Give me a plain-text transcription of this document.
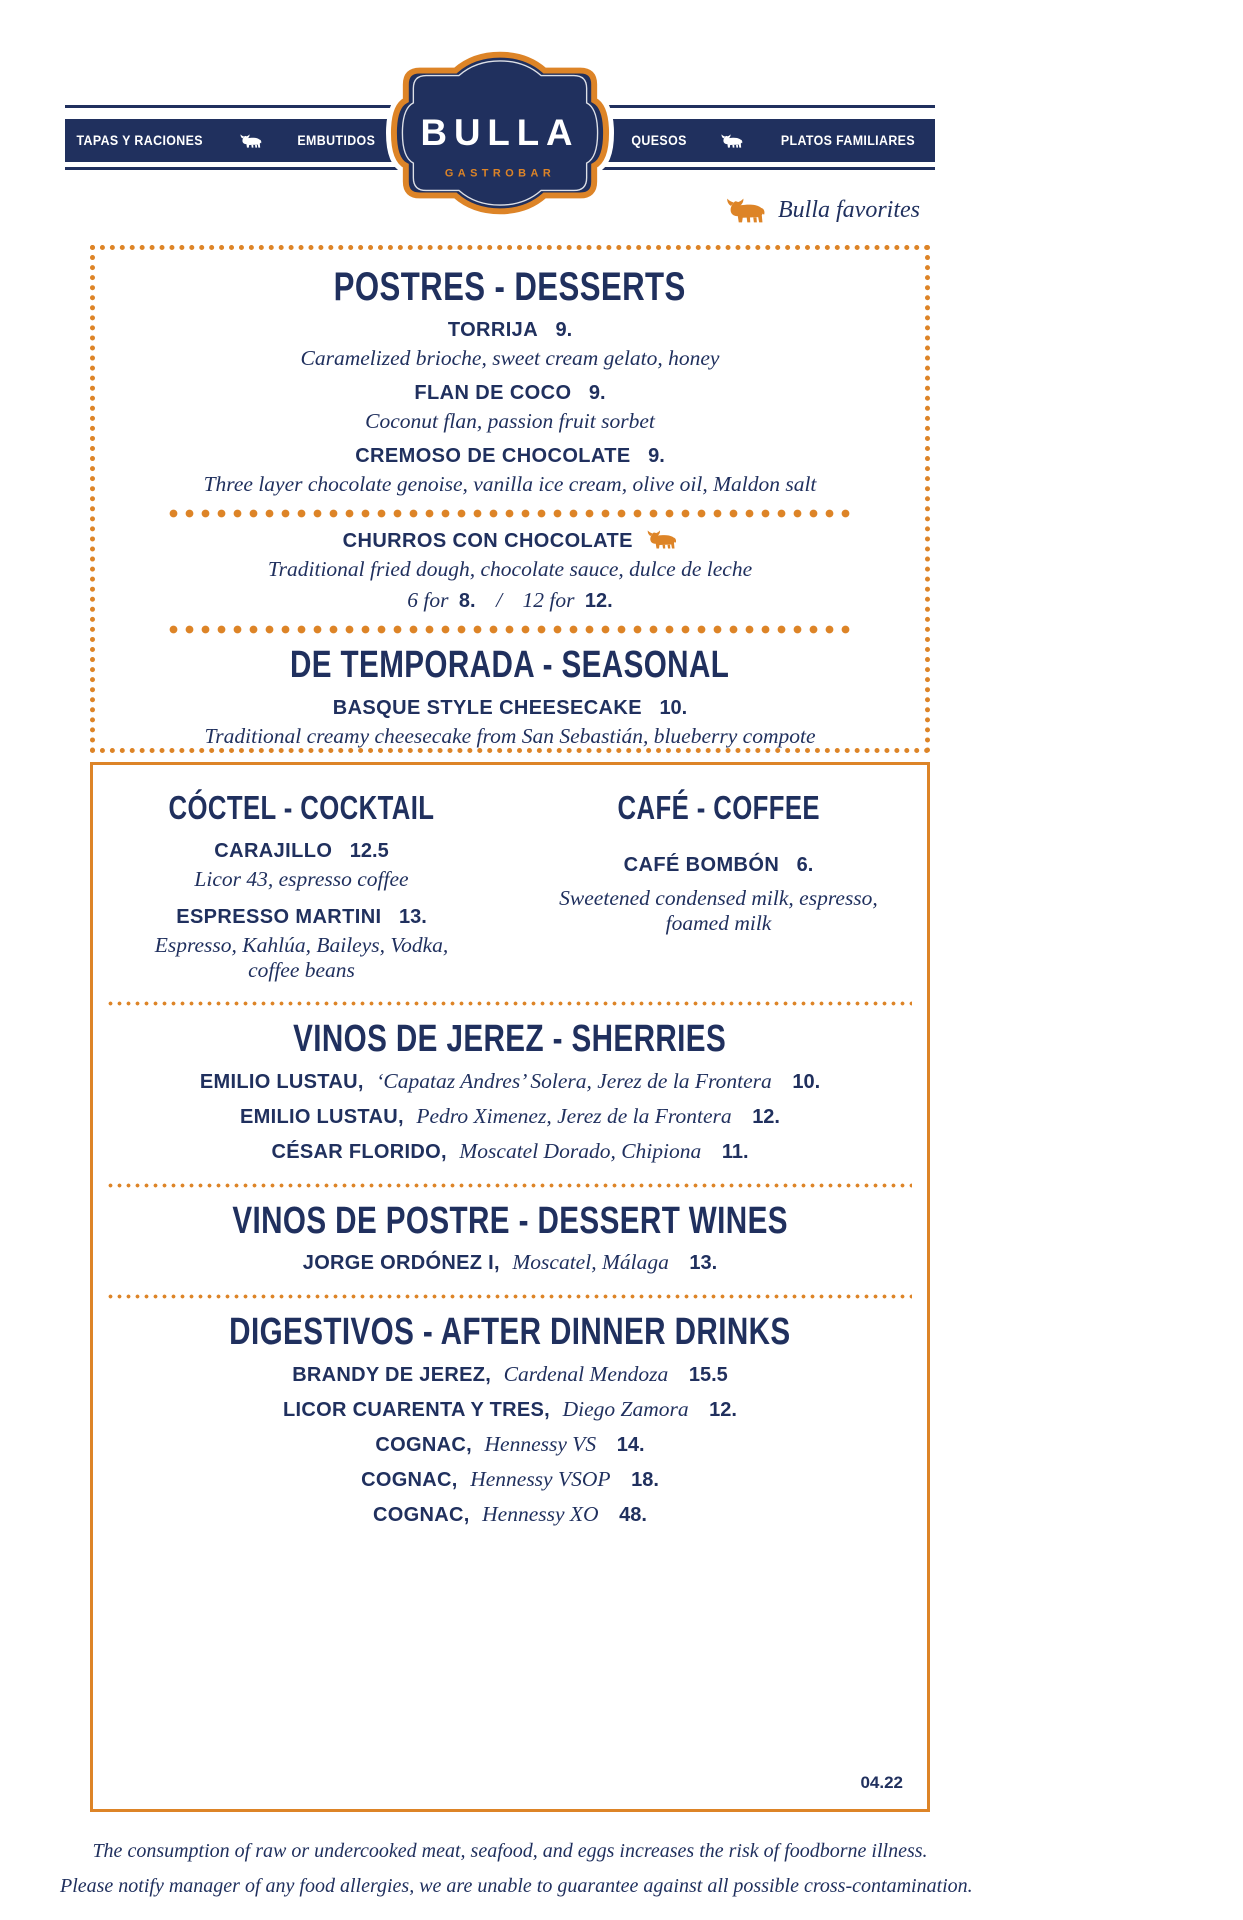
TAPAS Y RACIONES	EMBUTIDOS	QUESOS	PLATOS FAMILIARES
BULLA
GASTROBAR
Bulla favorites
POSTRES - DESSERTS
TORRIJA 9.
Caramelized brioche, sweet cream gelato, honey
FLAN DE COCO 9.
Coconut flan, passion fruit sorbet
CREMOSO DE CHOCOLATE 9.
Three layer chocolate genoise, vanilla ice cream, olive oil, Maldon salt
CHURROS CON CHOCOLATE
Traditional fried dough, chocolate sauce, dulce de leche
6 for 8. / 12 for 12.
DE TEMPORADA - SEASONAL
BASQUE STYLE CHEESECAKE 10.
Traditional creamy cheesecake from San Sebastián, blueberry compote
CÓCTEL - COCKTAIL
CARAJILLO 12.5
Licor 43, espresso coffee
ESPRESSO MARTINI 13.
Espresso, Kahlúa, Baileys, Vodka, coffee beans
CAFÉ - COFFEE
CAFÉ BOMBÓN 6.
Sweetened condensed milk, espresso, foamed milk
VINOS DE JEREZ - SHERRIES
EMILIO LUSTAU, ‘Capataz Andres’ Solera, Jerez de la Frontera 10.
EMILIO LUSTAU, Pedro Ximenez, Jerez de la Frontera 12.
CÉSAR FLORIDO, Moscatel Dorado, Chipiona 11.
VINOS DE POSTRE - DESSERT WINES
JORGE ORDÓNEZ I, Moscatel, Málaga 13.
DIGESTIVOS - AFTER DINNER DRINKS
BRANDY DE JEREZ, Cardenal Mendoza 15.5
LICOR CUARENTA Y TRES, Diego Zamora 12.
COGNAC, Hennessy VS 14.
COGNAC, Hennessy VSOP 18.
COGNAC, Hennessy XO 48.
04.22
The consumption of raw or undercooked meat, seafood, and eggs increases the risk of foodborne illness.
Please notify manager of any food allergies, we are unable to guarantee against all possible cross-contamination.
